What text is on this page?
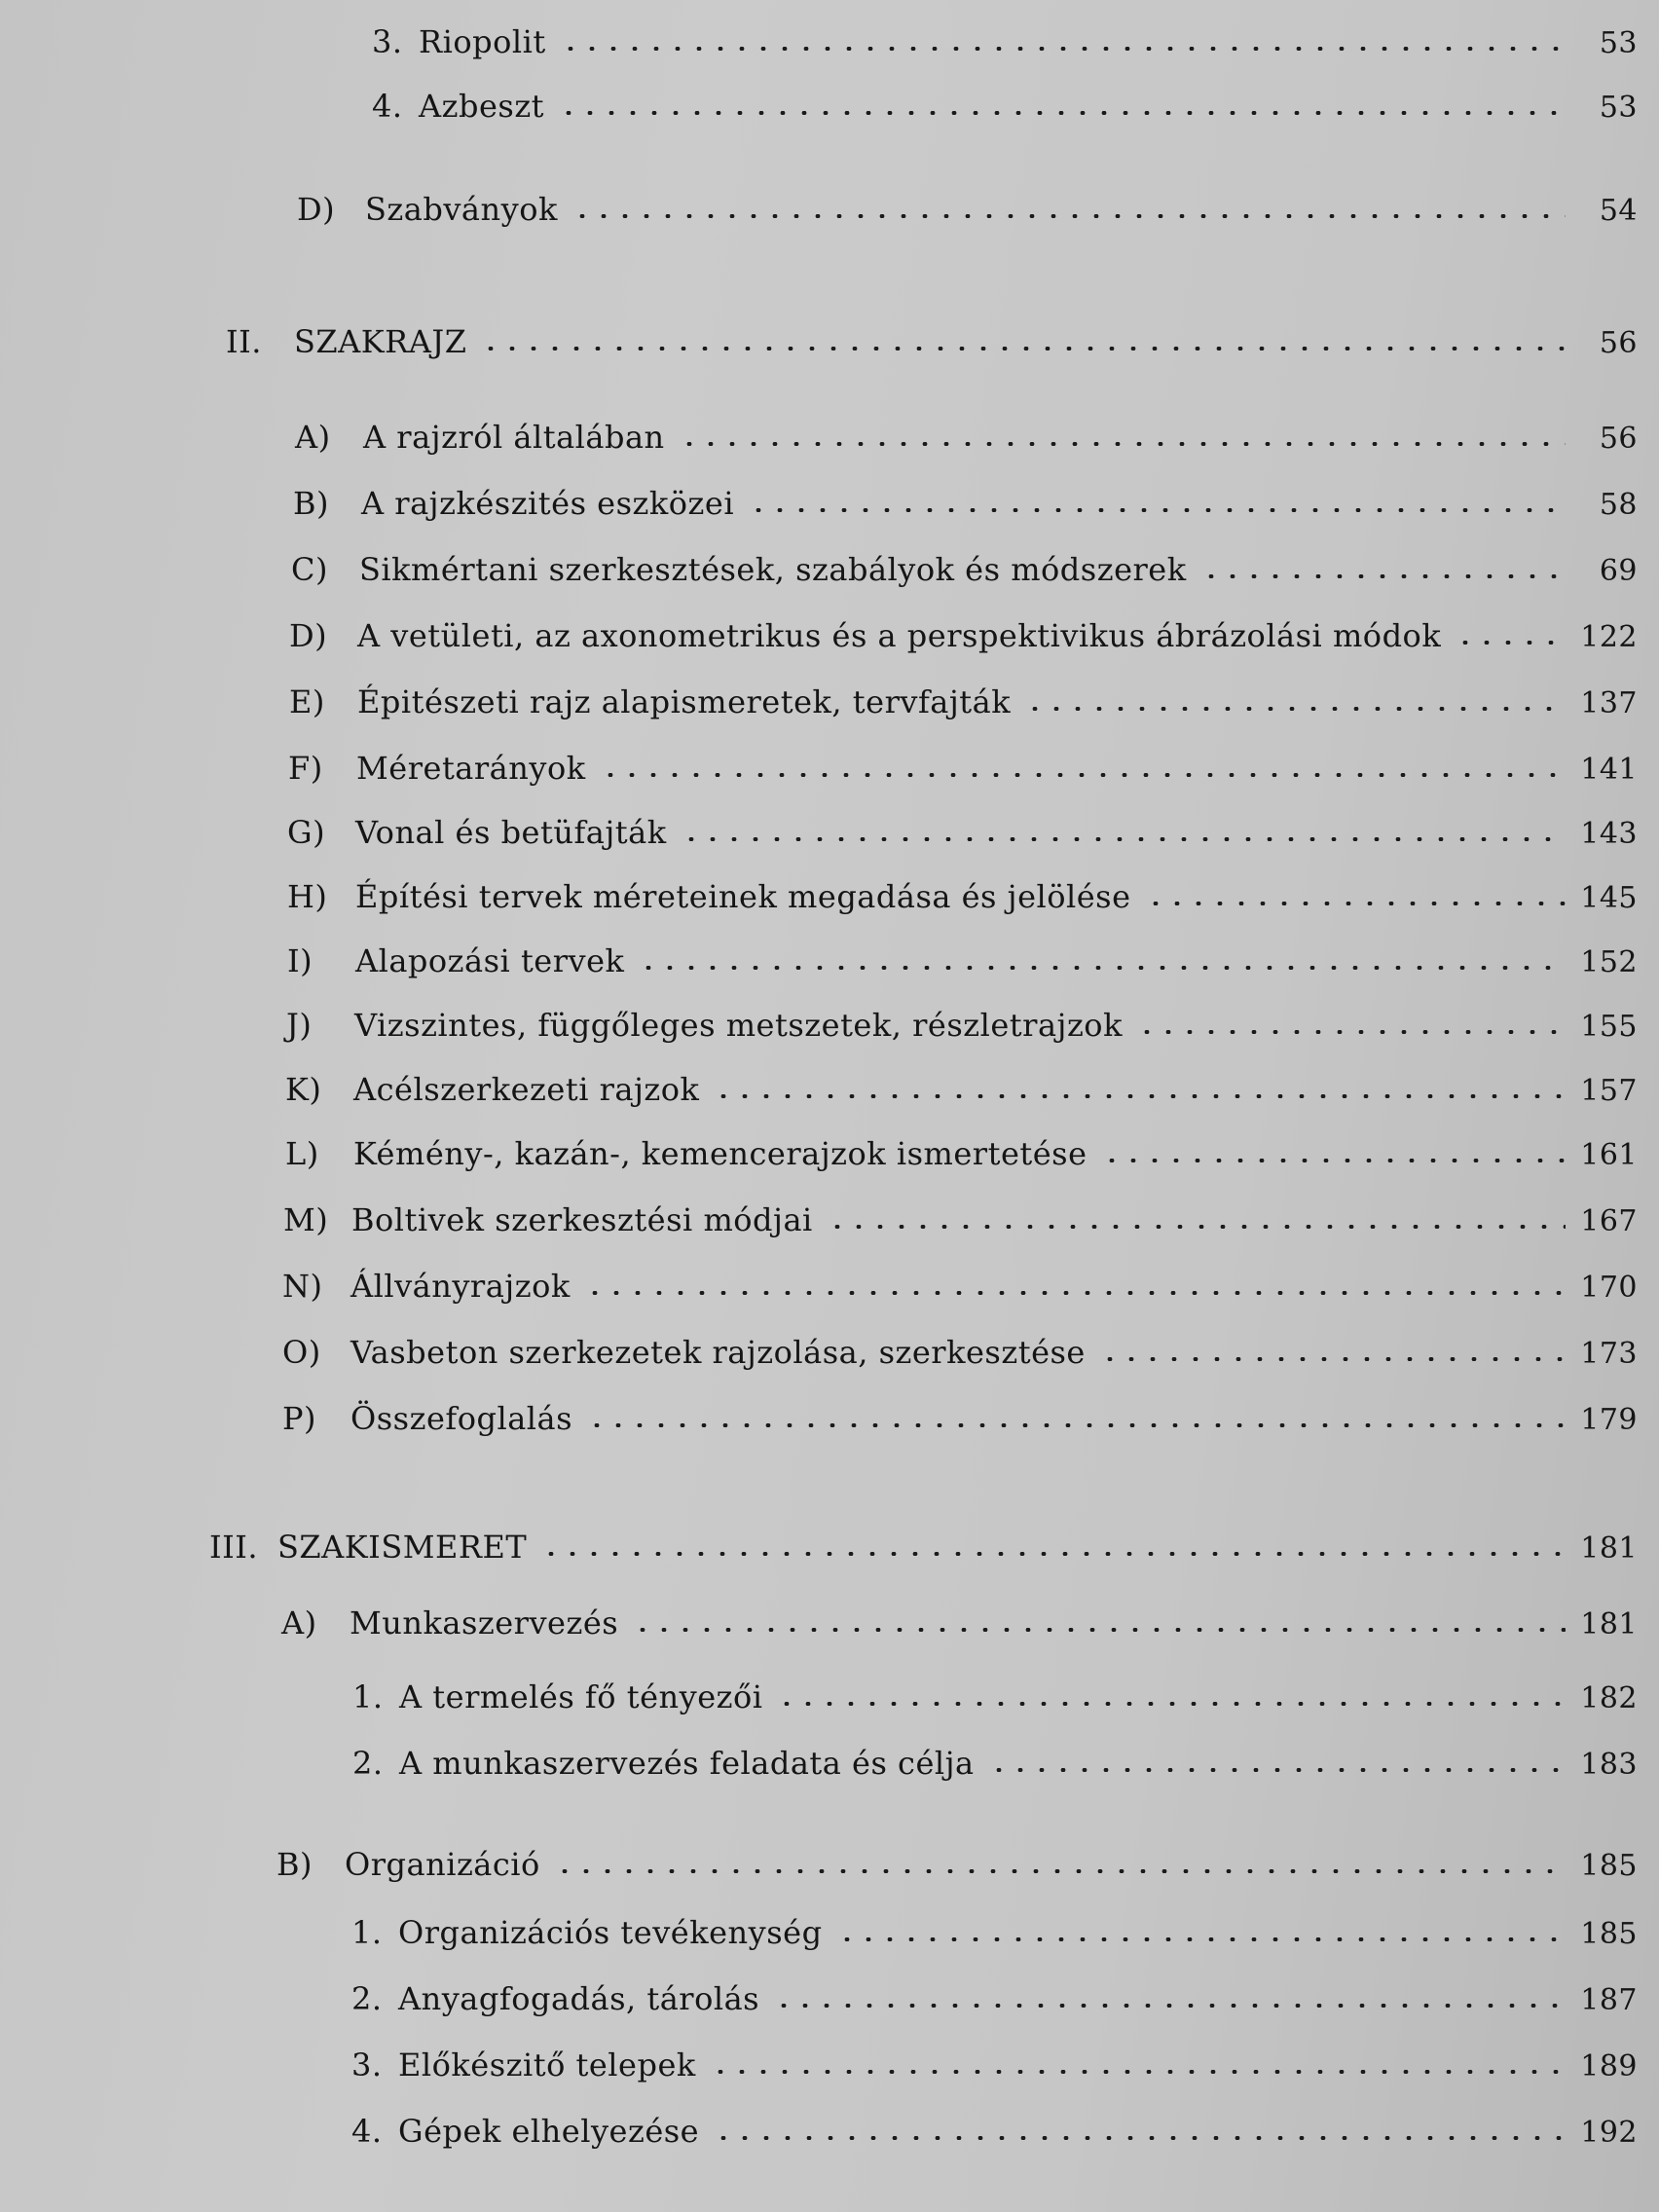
3. Riopolit	53
4. Azbeszt	53
D) Szabványok	54
II.	SZAKRAJZ	56
A)	A rajzról általában	56
B)	A rajzkészités eszközei	58
C)	Sikmértani szerkesztések, szabályok és módszerek	69
D) A vetületi, az axonometrikus és a perspektivikus ábrázolási módok	122
E)	Épitészeti rajz alapismeretek, tervfajták	137
F)	Méretarányok	141
G) Vonal és betüfajták	143
H) Építési tervek méreteinek megadása és jelölése	145
I)	Alapozási tervek	152
J)	Vizszintes, függőleges metszetek, részletrajzok	155
K)	Acélszerkezeti rajzok	157
L)	Kémény-, kazán-, kemencerajzok ismertetése	161
M) Boltivek szerkesztési módjai	167
N) Állványrajzok	170
O) Vasbeton szerkezetek rajzolása, szerkesztése	173
P)	Összefoglalás	179
III. SZAKISMERET	181
A)	Munkaszervezés	181
1. A termelés fő tényezői	182
2. A munkaszervezés feladata és célja	183
B)	Organizáció	185
1. Organizációs tevékenység	185
2. Anyagfogadás, tárolás	187
3. Előkészitő telepek	189
4. Gépek elhelyezése	192
